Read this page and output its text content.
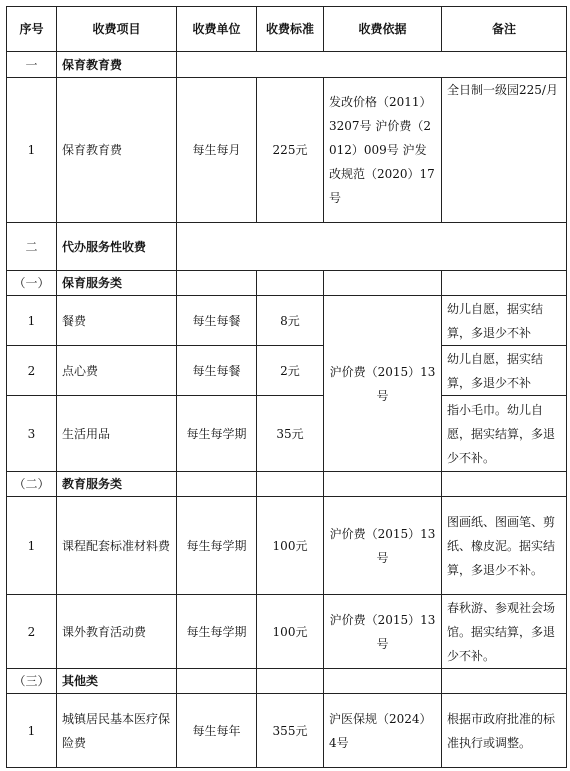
序号	收费项目	收费单位	收费标准	收费依据	备注
一	保育教育费				
1	保育教育费	每生每月	225元	发改价格（2011）3207号 沪价费（2012）009号 沪发改规范（2020）17号	全日制一级园225/月
二	代办服务性收费				
（一）	保育服务类				
1	餐费	每生每餐	8元	沪价费（2015）13号	幼儿自愿，据实结算，多退少不补
2	点心费	每生每餐	2元		幼儿自愿，据实结算，多退少不补
3	生活用品	每生每学期	35元		指小毛巾。幼儿自愿，据实结算，多退少不补。
（二）	教育服务类				
1	课程配套标准材料费	每生每学期	100元	沪价费（2015）13号	图画纸、图画笔、剪纸、橡皮泥。据实结算，多退少不补。
2	课外教育活动费	每生每学期	100元	沪价费（2015）13号	春秋游、参观社会场馆。据实结算，多退少不补。
（三）	其他类				
1	城镇居民基本医疗保险费	每生每年	355元	沪医保规（2024）4号	根据市政府批准的标准执行或调整。
